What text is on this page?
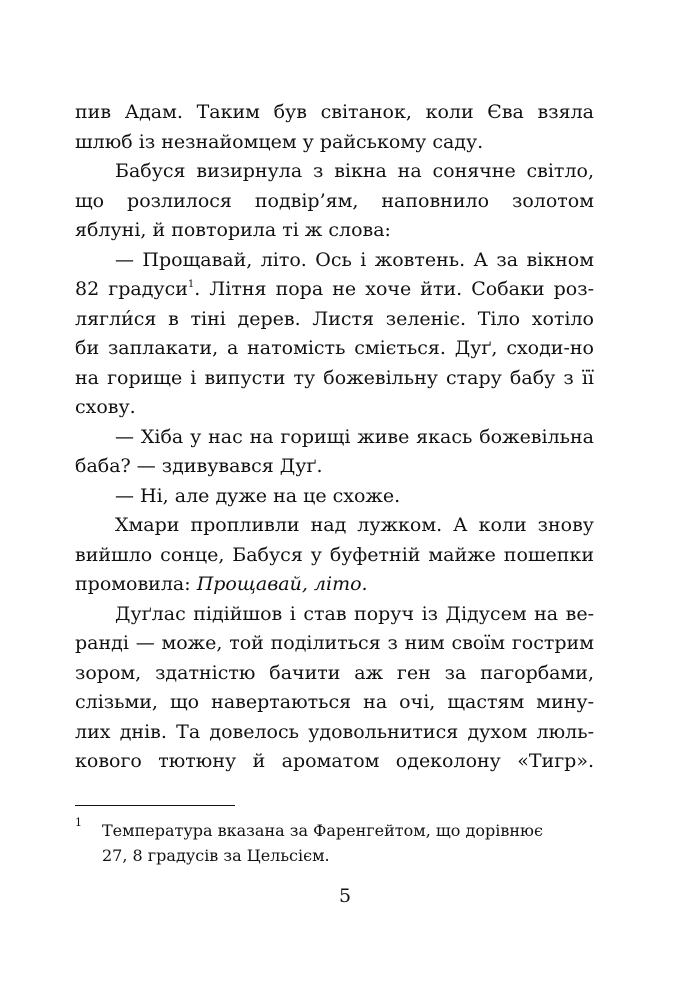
пив Адам. Таким був світанок, коли Єва взяла
шлюб із незнайомцем у райському саду.
Бабуся визирнула з вікна на сонячне світло,
що розлилося подвір’ям, наповнило золотом
яблуні, й повторила ті ж слова:
— Прощавай, літо. Ось і жовтень. А за вікном
82 градуси$^1$. Літня пора не хоче йти. Собаки роз-
лягли́ся в тіні дерев. Листя зеленіє. Тіло хотіло
би заплакати, а натомість сміється. Дуґ, сходи-но
на горище і випусти ту божевільну стару бабу з її
схову.
— Хіба у нас на горищі живе якась божевільна
баба? — здивувався Дуґ.
— Ні, але дуже на це схоже.
Хмари пропливли над лужком. А коли знову
вийшло сонце, Бабуся у буфетній майже пошепки
промовила: Прощавай, літо.
Дуґлас підійшов і став поруч із Дідусем на ве-
ранді — може, той поділиться з ним своїм гострим
зором, здатністю бачити аж ген за пагорбами,
слізьми, що навертаються на очі, щастям мину-
лих днів. Та довелось удовольнитися духом люль-
кового тютюну й ароматом одеколону «Тигр».
1	Температура вказана за Фаренгейтом, що дорівнює
27, 8 градусів за Цельсієм.
5
